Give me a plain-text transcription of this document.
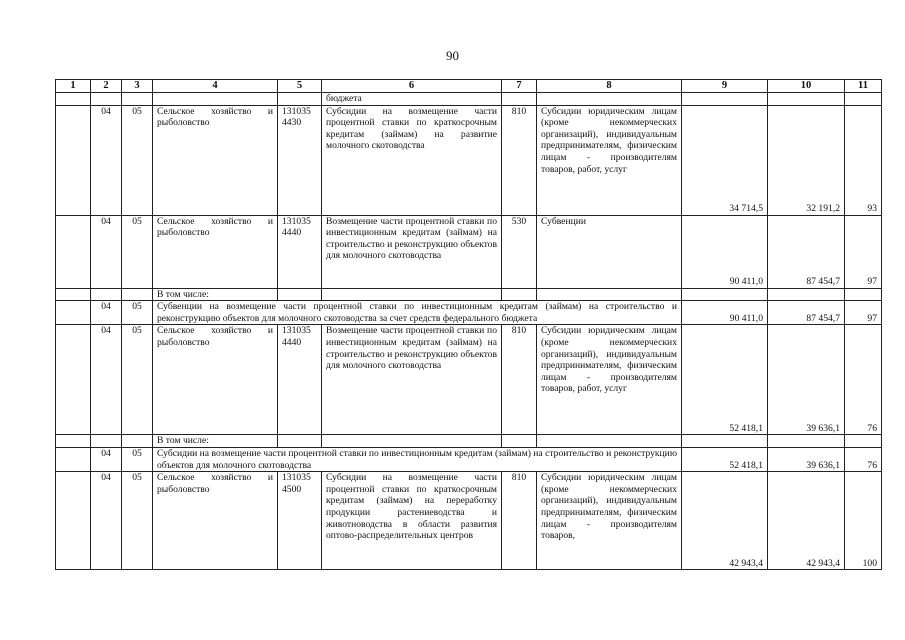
90
1	2	3	4	5	6	7	8	9	10	11
					бюджета					
	04	05	Сельское хозяйство и рыболовство	131035 4430	Субсидии на возмещение части процентной ставки по краткосрочным кредитам (займам) на развитие молочного скотоводства	810	Субсидии юридическим лицам (кроме некоммерческих организаций), индивидуальным предпринимателям, физическим лицам - производителям товаров, работ, услуг	34 714,5	32 191,2	93
	04	05	Сельское хозяйство и рыболовство	131035 4440	Возмещение части процентной ставки по инвестиционным кредитам (займам) на строительство и реконструкцию объектов для молочного скотоводства	530	Субвенции	90 411,0	87 454,7	97
			В том числе:							
	04	05	Субвенции на возмещение части процентной ставки по инвестиционным кредитам (займам) на строительство и реконструкцию объектов для молочного скотоводства за счет средств федерального бюджета					90 411,0	87 454,7	97
	04	05	Сельское хозяйство и рыболовство	131035 4440	Возмещение части процентной ставки по инвестиционным кредитам (займам) на строительство и реконструкцию объектов для молочного скотоводства	810	Субсидии юридическим лицам (кроме некоммерческих организаций), индивидуальным предпринимателям, физическим лицам - производителям товаров, работ, услуг	52 418,1	39 636,1	76
			В том числе:							
	04	05	Субсидии на возмещение части процентной ставки по инвестиционным кредитам (займам) на строительство и реконструкцию объектов для молочного скотоводства					52 418,1	39 636,1	76
	04	05	Сельское хозяйство и рыболовство	131035 4500	Субсидии на возмещение части процентной ставки по краткосрочным кредитам (займам) на переработку продукции растениеводства и животноводства в области развития оптово-распределительных центров	810	Субсидии юридическим лицам (кроме некоммерческих организаций), индивидуальным предпринимателям, физическим лицам - производителям товаров,	42 943,4	42 943,4	100
